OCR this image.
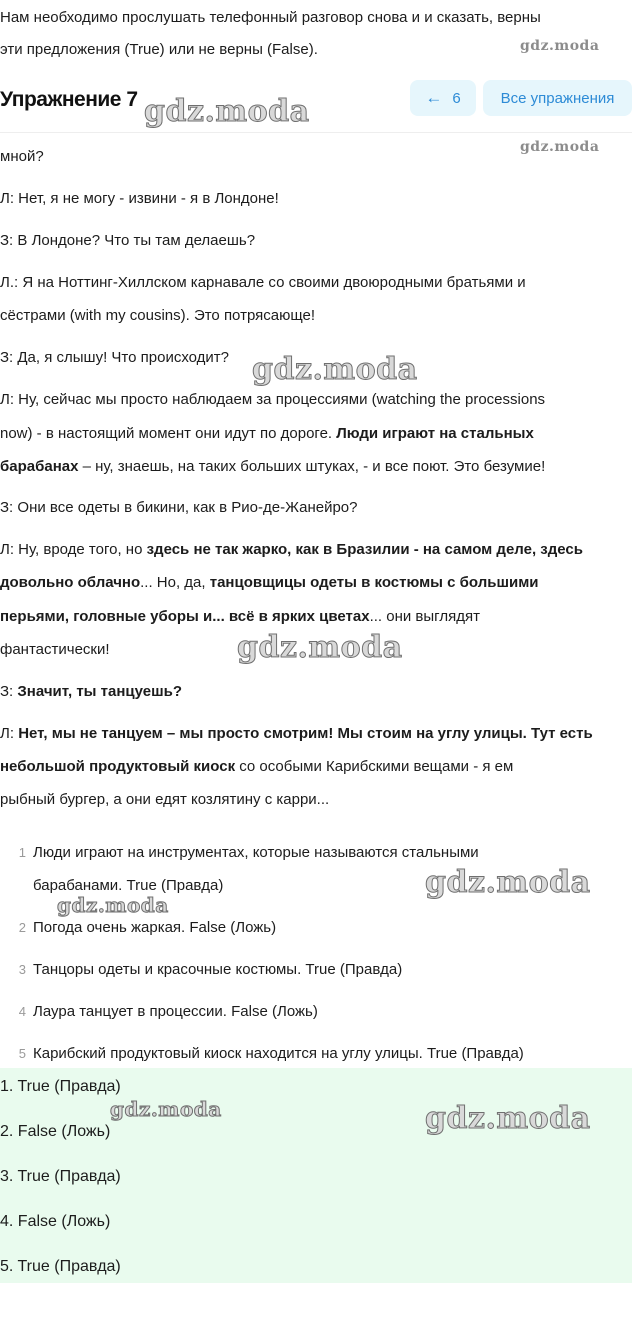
Нам необходимо прослушать телефонный разговор снова и и сказать, верны
эти предложения (True) или не верны (False).
мной?
Л: Нет, я не могу - извини - я в Лондоне!
З: В Лондоне? Что ты там делаешь?
Л.: Я на Ноттинг-Хиллском карнавале со своими двоюродными братьями и
сёстрами (with my cousins). Это потрясающе!
З: Да, я слышу! Что происходит?
Л: Ну, сейчас мы просто наблюдаем за процессиями (watching the processions
now) - в настоящий момент они идут по дороге. Люди играют на стальных
барабанах – ну, знаешь, на таких больших штуках, - и все поют. Это безумие!
З: Они все одеты в бикини, как в Рио-де-Жанейро?
Л: Ну, вроде того, но здесь не так жарко, как в Бразилии - на самом деле, здесь
довольно облачно... Но, да, танцовщицы одеты в костюмы с большими
перьями, головные уборы и... всё в ярких цветах... они выглядят
фантастически!
З: Значит, ты танцуешь?
Л: Нет, мы не танцуем – мы просто смотрим! Мы стоим на углу улицы. Тут есть
небольшой продуктовый киоск со особыми Карибскими вещами - я ем
рыбный бургер, а они едят козлятину с карри...
1 Люди играют на инструментах, которые называются стальными
барабанами. True (Правда)
2 Погода очень жаркая. False (Ложь)
3 Танцоры одеты и красочные костюмы. True (Правда)
4 Лаура танцует в процессии. False (Ложь)
5 Карибский продуктовый киоск находится на углу улицы. True (Правда)
1. True (Правда)
2. False (Ложь)
3. True (Правда)
4. False (Ложь)
5. True (Правда)
Упражнение 7	← 6	Все упражнения
gdz.moda
gdz.moda
gdz.moda
gdz.moda
gdz.moda
gdz.moda
gdz.moda
gdz.moda	gdz.moda
